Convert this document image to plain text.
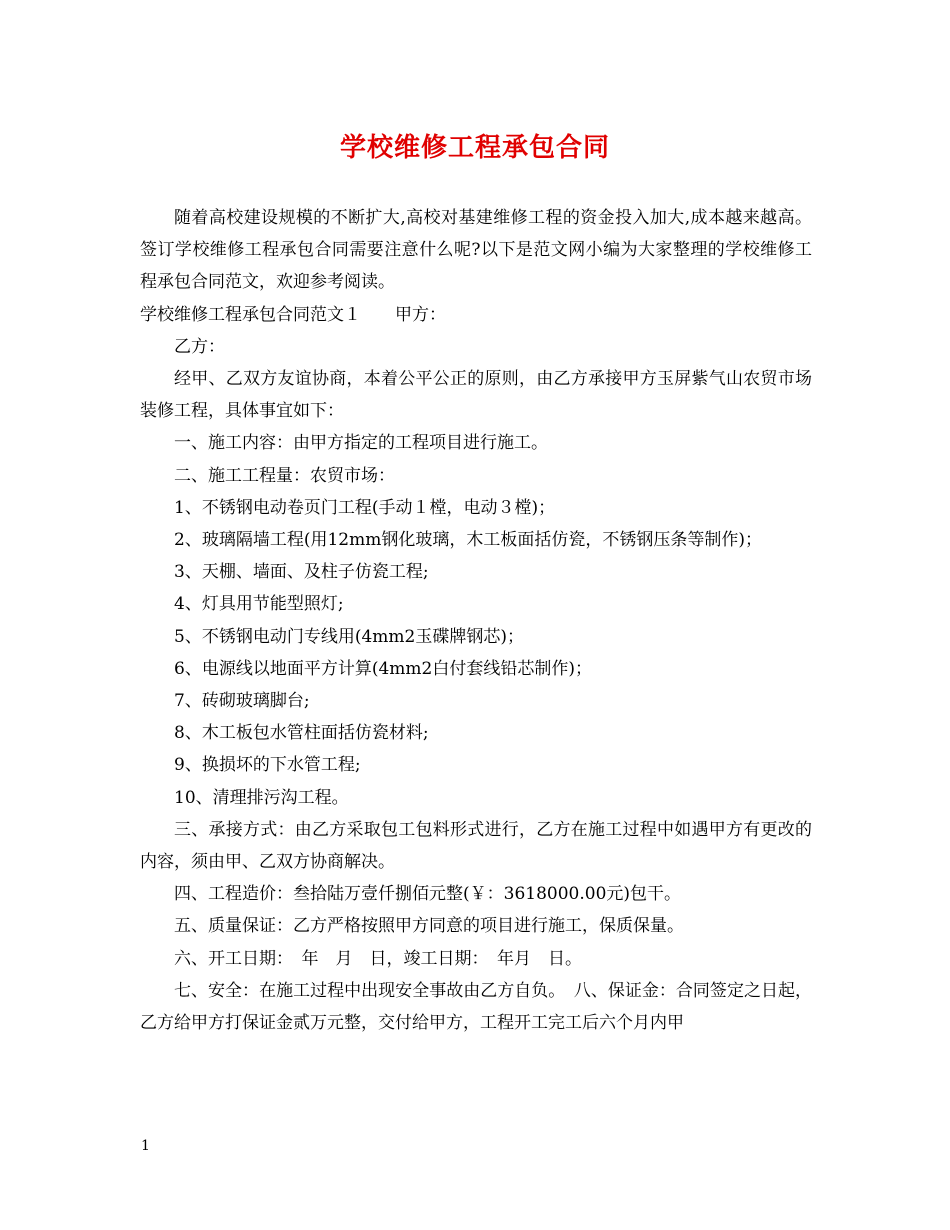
学校维修工程承包合同

随着高校建设规模的不断扩大,高校对基建维修工程的资金投入加大,成本越来越高。签订学校维修工程承包合同需要注意什么呢?以下是范文网小编为大家整理的学校维修工程承包合同范文，欢迎参考阅读。

学校维修工程承包合同范文１　　甲方：

乙方：

经甲、乙双方友谊协商，本着公平公正的原则，由乙方承接甲方玉屏紫气山农贸市场装修工程，具体事宜如下：

一、施工内容：由甲方指定的工程项目进行施工。

二、施工工程量：农贸市场：

1、不锈钢电动卷页门工程(手动１樘，电动３樘)；

2、玻璃隔墙工程(用12mm钢化玻璃，木工板面括仿瓷，不锈钢压条等制作)；

3、天棚、墙面、及柱子仿瓷工程;

4、灯具用节能型照灯;

5、不锈钢电动门专线用(4mm2玉碟牌钢芯)；

6、电源线以地面平方计算(4mm2白付套线铅芯制作)；

7、砖砌玻璃脚台;

8、木工板包水管柱面括仿瓷材料;

9、换损坏的下水管工程;

10、清理排污沟工程。

三、承接方式：由乙方采取包工包料形式进行，乙方在施工过程中如遇甲方有更改的内容，须由甲、乙双方协商解决。

四、工程造价：叁拾陆万壹仟捌佰元整(￥：3618000.00元)包干。

五、质量保证：乙方严格按照甲方同意的项目进行施工，保质保量。

六、开工日期：　年　月　日，竣工日期：　年月　日。

七、安全：在施工过程中出现安全事故由乙方自负。　八、保证金：合同签定之日起，乙方给甲方打保证金贰万元整，交付给甲方，工程开工完工后六个月内甲

1
